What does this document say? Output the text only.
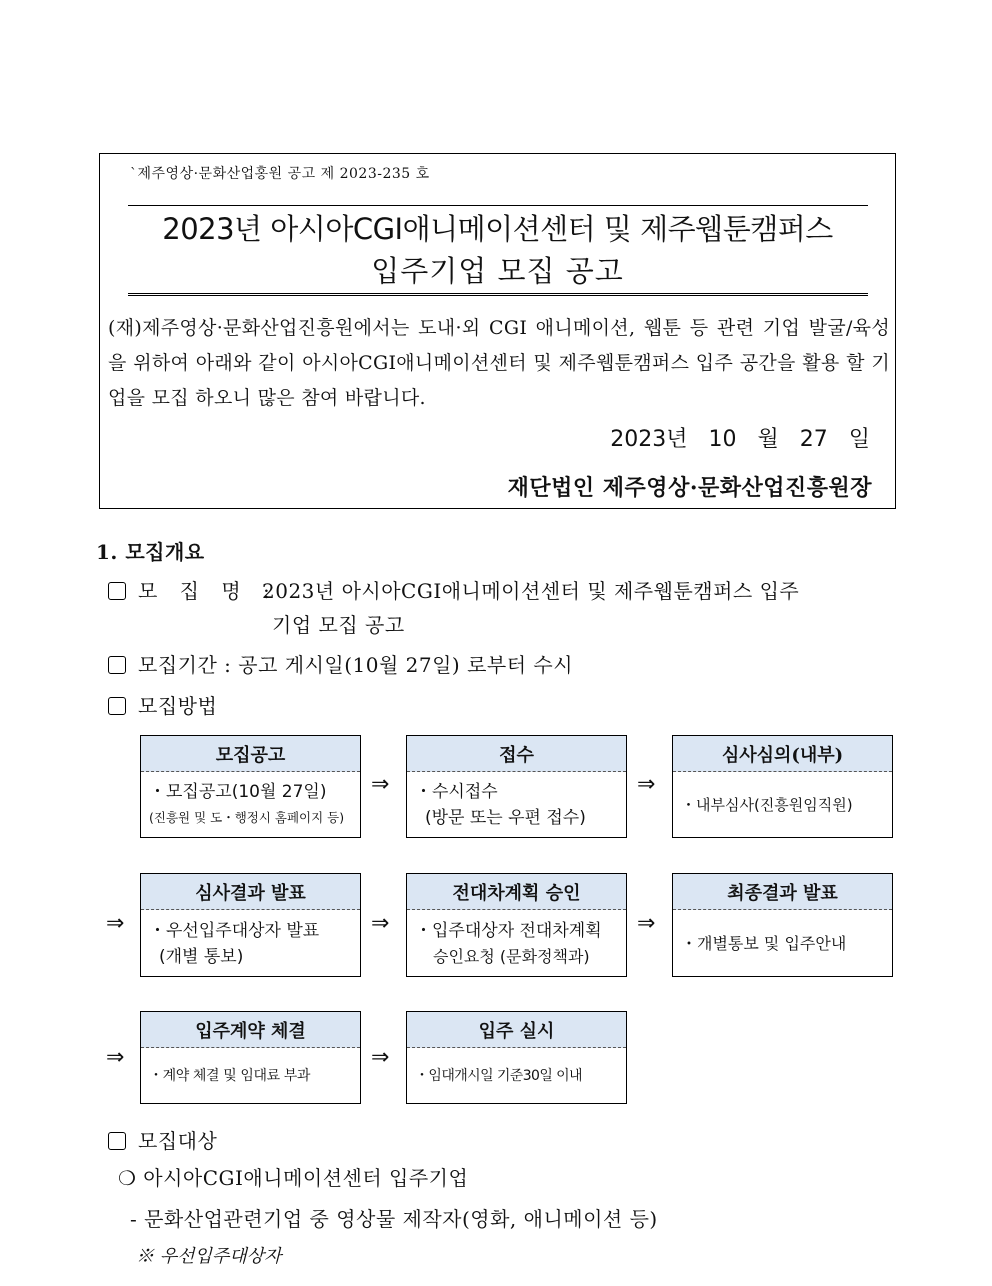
`제주영상·문화산업홍원 공고 제 2023-235 호
2023년 아시아CGI애니메이션센터 및 제주웹툰캠퍼스
입주기업 모집 공고
(재)제주영상·문화산업진흥원에서는 도내·외 CGI 애니메이션, 웹툰 등 관련 기업 발굴/육성을 위하여 아래와 같이 아시아CGI애니메이션센터 및 제주웹툰캠퍼스 입주 공간을 활용 할 기업을 모집 하오니 많은 참여 바랍니다.
2023년 10 월 27 일
재단법인 제주영상·문화산업진흥원장
1. 모집개요
모 집 명 :2023년 아시아CGI애니메이션센터 및 제주웹툰캠퍼스 입주
기업 모집 공고
모집기간 : 공고 게시일(10월 27일) 로부터 수시
모집방법
모집공고
・모집공고(10월 27일)
(진흥원 및 도・행정시 홈페이지 등)
⇒
접수
・수시접수
(방문 또는 우편 접수)
⇒
심사심의(내부)
・내부심사(진흥원임직원)
⇒
심사결과 발표
・우선입주대상자 발표
(개별 통보)
⇒
전대차계획 승인
・입주대상자 전대차계획
승인요청 (문화정책과)
⇒
최종결과 발표
・개별통보 및 입주안내
⇒
입주계약 체결
・계약 체결 및 임대료 부과
⇒
입주 실시
・임대개시일 기준30일 이내
모집대상
❍ 아시아CGI애니메이션센터 입주기업
- 문화산업관련기업 중 영상물 제작자(영화, 애니메이션 등)
※ 우선입주대상자
